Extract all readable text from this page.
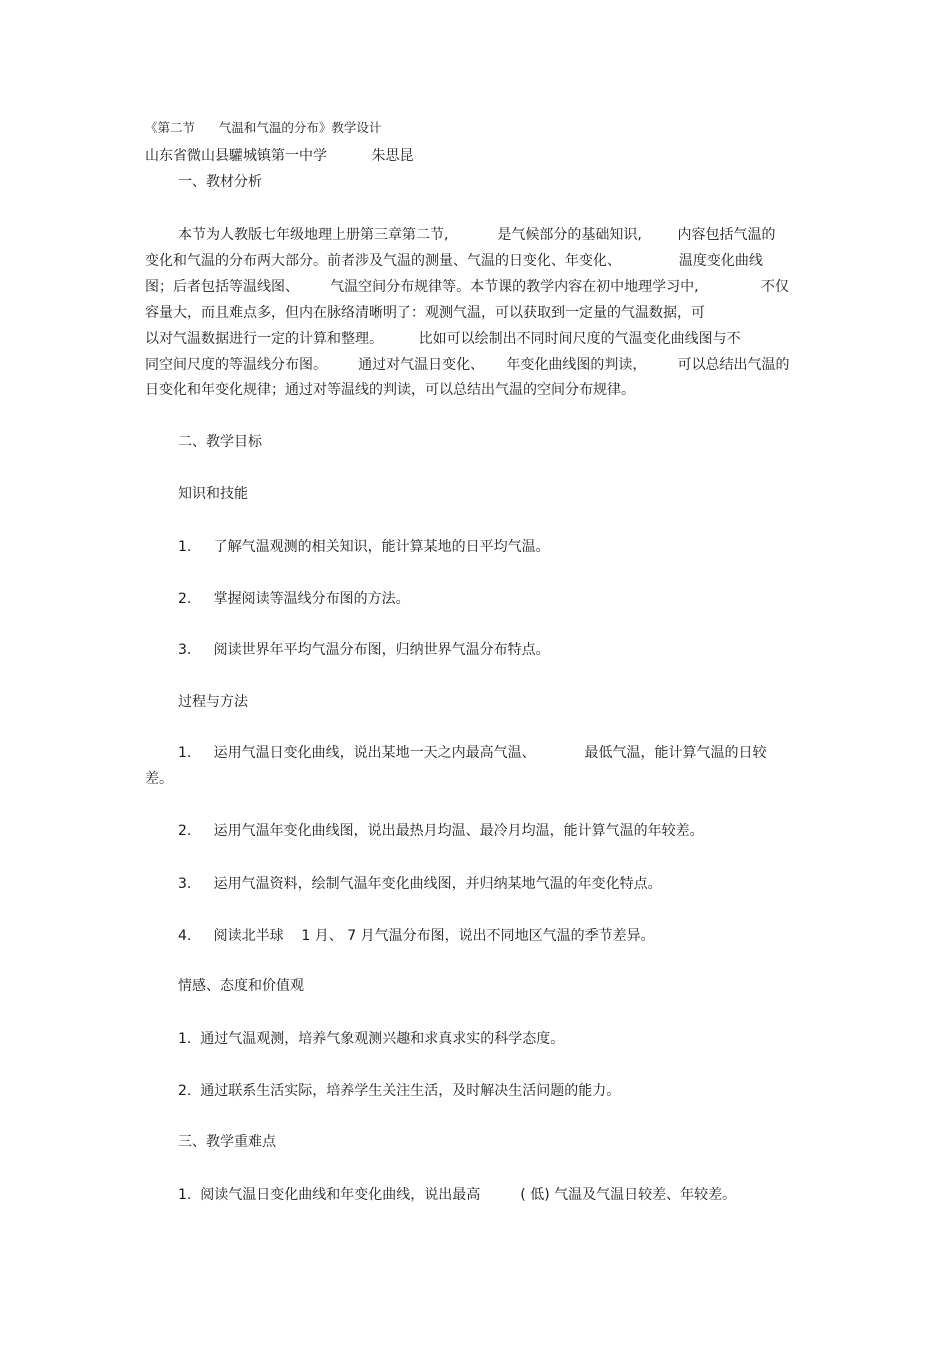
《第二节      气温和气温的分布》教学设计
山东省微山县驩城镇第一中学          朱思昆
一、教材分析
本节为人教版七年级地理上册第三章第二节,           是气候部分的基础知识,        内容包括气温的
变化和气温的分布两大部分。前者涉及气温的测量、气温的日变化、年变化、             温度变化曲线
图；后者包括等温线图、       气温空间分布规律等。本节课的教学内容在初中地理学习中,              不仅
容量大，而且难点多，但内在脉络清晰明了：观测气温，可以获取到一定量的气温数据，可
以对气温数据进行一定的计算和整理。        比如可以绘制出不同时间尺度的气温变化曲线图与不
同空间尺度的等温线分布图。       通过对气温日变化、     年变化曲线图的判读，       可以总结出气温的
日变化和年变化规律；通过对等温线的判读，可以总结出气温的空间分布规律。
二、教学目标
知识和技能
1.     了解气温观测的相关知识，能计算某地的日平均气温。
2.     掌握阅读等温线分布图的方法。
3.     阅读世界年平均气温分布图，归纳世界气温分布特点。
过程与方法
1.     运用气温日变化曲线，说出某地一天之内最高气温、           最低气温，能计算气温的日较
差。
2.     运用气温年变化曲线图，说出最热月均温、最冷月均温，能计算气温的年较差。
3.     运用气温资料，绘制气温年变化曲线图，并归纳某地气温的年变化特点。
4.     阅读北半球    1 月、 7 月气温分布图，说出不同地区气温的季节差异。
情感、态度和价值观
1.  通过气温观测，培养气象观测兴趣和求真求实的科学态度。
2.  通过联系生活实际，培养学生关注生活，及时解决生活问题的能力。
三、教学重难点
1.  阅读气温日变化曲线和年变化曲线，说出最高         ( 低) 气温及气温日较差、年较差。
